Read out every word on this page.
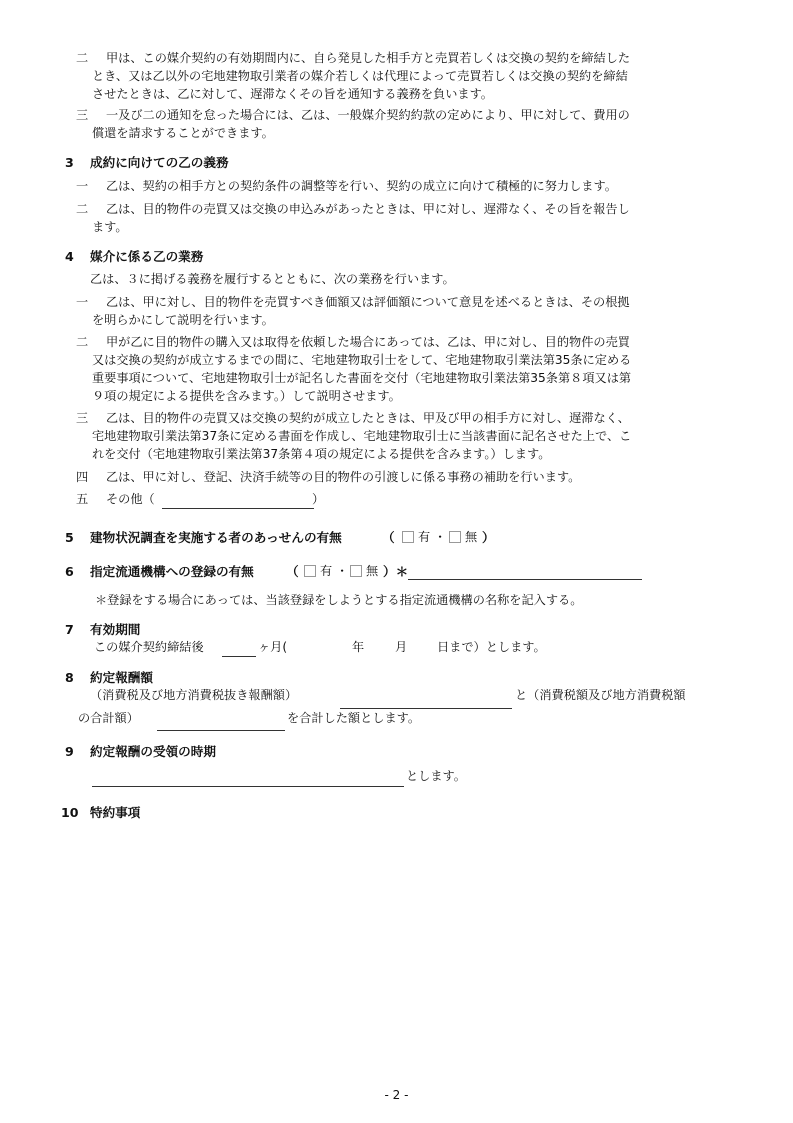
二 甲は、この媒介契約の有効期間内に、自ら発見した相手方と売買若しくは交換の契約を締結した
とき、又は乙以外の宅地建物取引業者の媒介若しくは代理によって売買若しくは交換の契約を締結
させたときは、乙に対して、遅滞なくその旨を通知する義務を負います。
三 一及び二の通知を怠った場合には、乙は、一般媒介契約約款の定めにより、甲に対して、費用の
償還を請求することができます。
3 成約に向けての乙の義務
一 乙は、契約の相手方との契約条件の調整等を行い、契約の成立に向けて積極的に努力します。
二 乙は、目的物件の売買又は交換の申込みがあったときは、甲に対し、遅滞なく、その旨を報告し
ます。
4 媒介に係る乙の業務
乙は、３に掲げる義務を履行するとともに、次の業務を行います。
一 乙は、甲に対し、目的物件を売買すべき価額又は評価額について意見を述べるときは、その根拠
を明らかにして説明を行います。
二 甲が乙に目的物件の購入又は取得を依頼した場合にあっては、乙は、甲に対し、目的物件の売買
又は交換の契約が成立するまでの間に、宅地建物取引士をして、宅地建物取引業法第35条に定める
重要事項について、宅地建物取引士が記名した書面を交付（宅地建物取引業法第35条第８項又は第
９項の規定による提供を含みます。）して説明させます。
三 乙は、目的物件の売買又は交換の契約が成立したときは、甲及び甲の相手方に対し、遅滞なく、
宅地建物取引業法第37条に定める書面を作成し、宅地建物取引士に当該書面に記名させた上で、こ
れを交付（宅地建物取引業法第37条第４項の規定による提供を含みます。）します。
四 乙は、甲に対し、登記、決済手続等の目的物件の引渡しに係る事務の補助を行います。
五 その他（	）
5 建物状況調査を実施する者のあっせんの有無	（ 有 ・ 無 ）
6 指定流通機構への登録の有無	（ 有 ・ 無 ）＊
＊登録をする場合にあっては、当該登録をしようとする指定流通機構の名称を記入する。
7 有効期間
この媒介契約締結後	ヶ月(	年	月 日まで）とします。
8 約定報酬額
（消費税及び地方消費税抜き報酬額）	と（消費税額及び地方消費税額
の合計額）	を合計した額とします。
9 約定報酬の受領の時期
とします。
10 特約事項
- 2 -
